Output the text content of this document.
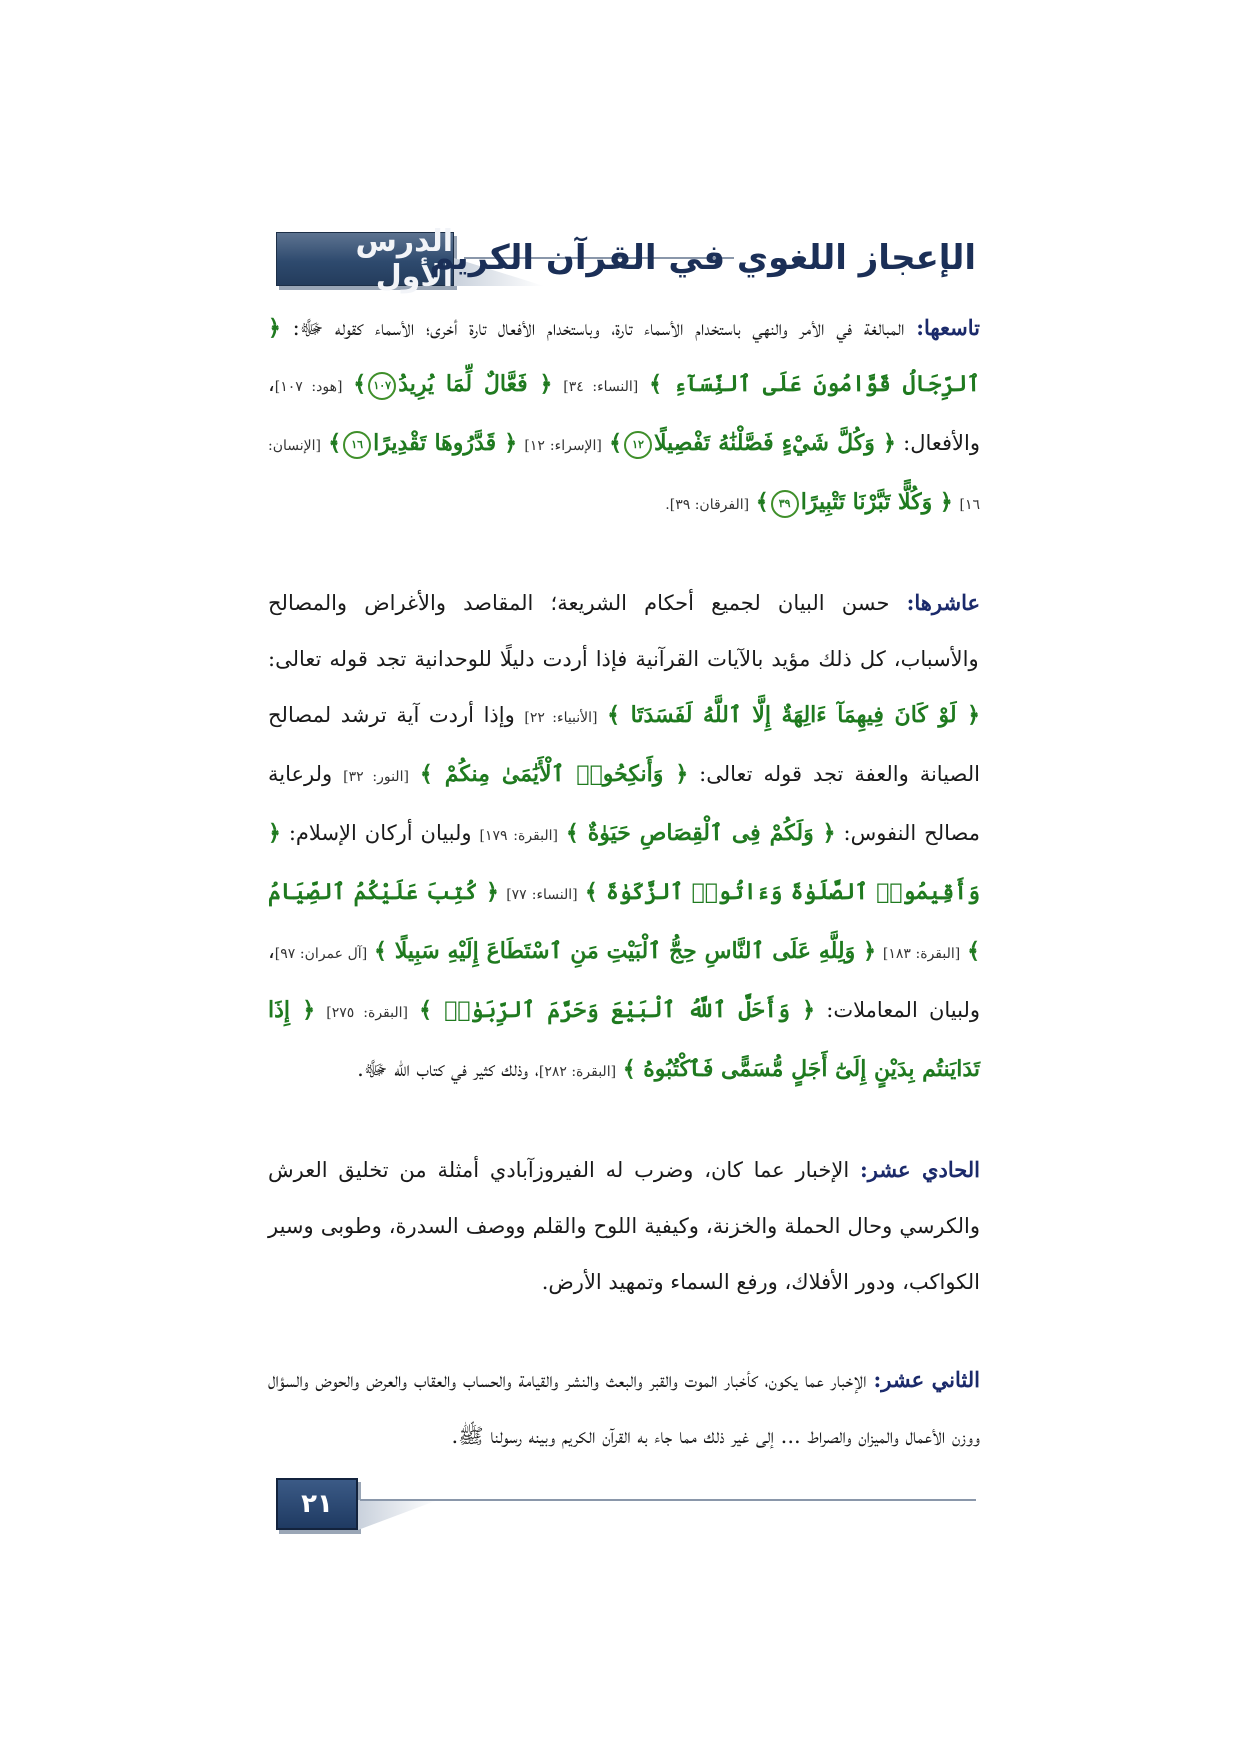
الدرس الأول
الإعجاز اللغوي في القرآن الكريم

تاسعها: المبالغة في الأمر والنهي باستخدام الأسماء تارة، وباستخدام الأفعال تارة أخرى؛ الأسماء كقوله ﷻ: ﴿ ٱلرِّجَالُ قَوَّامُونَ عَلَى ٱلنِّسَآءِ ﴾ [النساء: ٣٤] ﴿ فَعَّالٌ لِّمَا يُرِيدُ١٠٧﴾ [هود: ١٠٧]، والأفعال: ﴿ وَكُلَّ شَيْءٍ فَصَّلْنَٰهُ تَفْصِيلًا١٢﴾ [الإسراء: ١٢] ﴿ قَدَّرُوهَا تَقْدِيرًا١٦﴾ [الإنسان: ١٦] ﴿ وَكُلًّا تَبَّرْنَا تَتْبِيرًا٣٩﴾ [الفرقان: ٣٩].

عاشرها: حسن البيان لجميع أحكام الشريعة؛ المقاصد والأغراض والمصالح والأسباب، كل ذلك مؤيد بالآيات القرآنية فإذا أردت دليلًا للوحدانية تجد قوله تعالى: ﴿ لَوْ كَانَ فِيهِمَآ ءَالِهَةٌ إِلَّا ٱللَّهُ لَفَسَدَتَا ﴾ [الأنبياء: ٢٢] وإذا أردت آية ترشد لمصالح الصيانة والعفة تجد قوله تعالى: ﴿ وَأَنكِحُوا۟ ٱلْأَيَٰمَىٰ مِنكُمْ ﴾ [النور: ٣٢] ولرعاية مصالح النفوس: ﴿ وَلَكُمْ فِى ٱلْقِصَاصِ حَيَوٰةٌ ﴾ [البقرة: ١٧٩] ولبيان أركان الإسلام: ﴿ وَأَقِيمُوا۟ ٱلصَّلَوٰةَ وَءَاتُوا۟ ٱلزَّكَوٰةَ ﴾ [النساء: ٧٧] ﴿ كُتِبَ عَلَيْكُمُ ٱلصِّيَامُ ﴾ [البقرة: ١٨٣] ﴿ وَلِلَّهِ عَلَى ٱلنَّاسِ حِجُّ ٱلْبَيْتِ مَنِ ٱسْتَطَاعَ إِلَيْهِ سَبِيلًا ﴾ [آل عمران: ٩٧]، ولبيان المعاملات: ﴿ وَأَحَلَّ ٱللَّهُ ٱلْبَيْعَ وَحَرَّمَ ٱلرِّبَوٰا۟ ﴾ [البقرة: ٢٧٥] ﴿ إِذَا تَدَايَنتُم بِدَيْنٍ إِلَىٰٓ أَجَلٍ مُّسَمًّى فَٱكْتُبُوهُ ﴾ [البقرة: ٢٨٢]، وذلك كثير في كتاب الله ﷻ.

الحادي عشر: الإخبار عما كان، وضرب له الفيروزآبادي أمثلة من تخليق العرش والكرسي وحال الحملة والخزنة، وكيفية اللوح والقلم ووصف السدرة، وطوبى وسير الكواكب، ودور الأفلاك، ورفع السماء وتمهيد الأرض.

الثاني عشر: الإخبار عما يكون، كأخبار الموت والقبر والبعث والنشر والقيامة والحساب والعقاب والعرض والحوض والسؤال ووزن الأعمال والميزان والصراط ... إلى غير ذلك مما جاء به القرآن الكريم وبينه رسولنا ﷺ.

٢١
